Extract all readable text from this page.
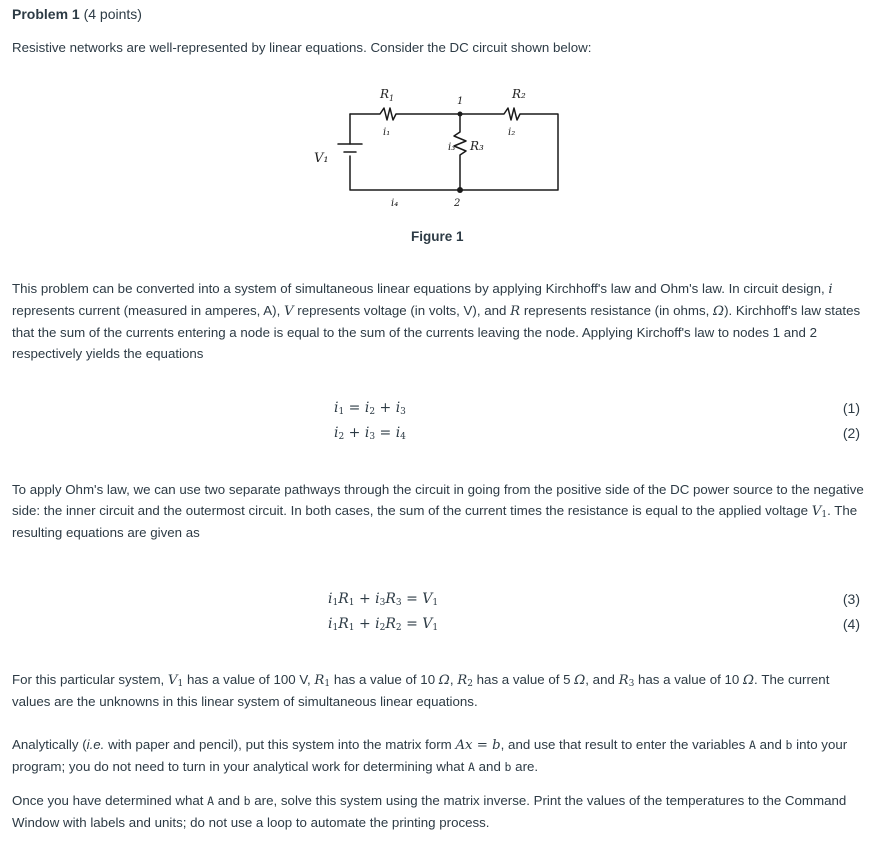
Problem 1 (4 points)
Resistive networks are well-represented by linear equations. Consider the DC circuit shown below:
$R_1$
i₁
1
R₂
i₂
i₃ R₃
V₁
i₄	2
Figure 1
This problem can be converted into a system of simultaneous linear equations by applying Kirchhoff's law and Ohm's law. In circuit design, i represents current (measured in amperes, A), V represents voltage (in volts, V), and R represents resistance (in ohms, Ω). Kirchhoff's law states that the sum of the currents entering a node is equal to the sum of the currents leaving the node. Applying Kirchoff's law to nodes 1 and 2 respectively yields the equations
$i_1 = i_2 + i_3$	(1)
$i_2 + i_3 = i_4$	(2)
To apply Ohm's law, we can use two separate pathways through the circuit in going from the positive side of the DC power source to the negative side: the inner circuit and the outermost circuit. In both cases, the sum of the current times the resistance is equal to the applied voltage $V_1$. The resulting equations are given as
$i_1R_1 + i_3R_3 = V_1$	(3)
$i_1R_1 + i_2R_2 = V_1$	(4)
For this particular system, $V_1$ has a value of 100 V, $R_1$ has a value of 10 Ω, $R_2$ has a value of 5 Ω, and $R_3$ has a value of 10 Ω. The current values are the unknowns in this linear system of simultaneous linear equations.
Analytically (i.e. with paper and pencil), put this system into the matrix form Ax = b, and use that result to enter the variables A and b into your program; you do not need to turn in your analytical work for determining what A and b are.
Once you have determined what A and b are, solve this system using the matrix inverse. Print the values of the temperatures to the Command Window with labels and units; do not use a loop to automate the printing process.
